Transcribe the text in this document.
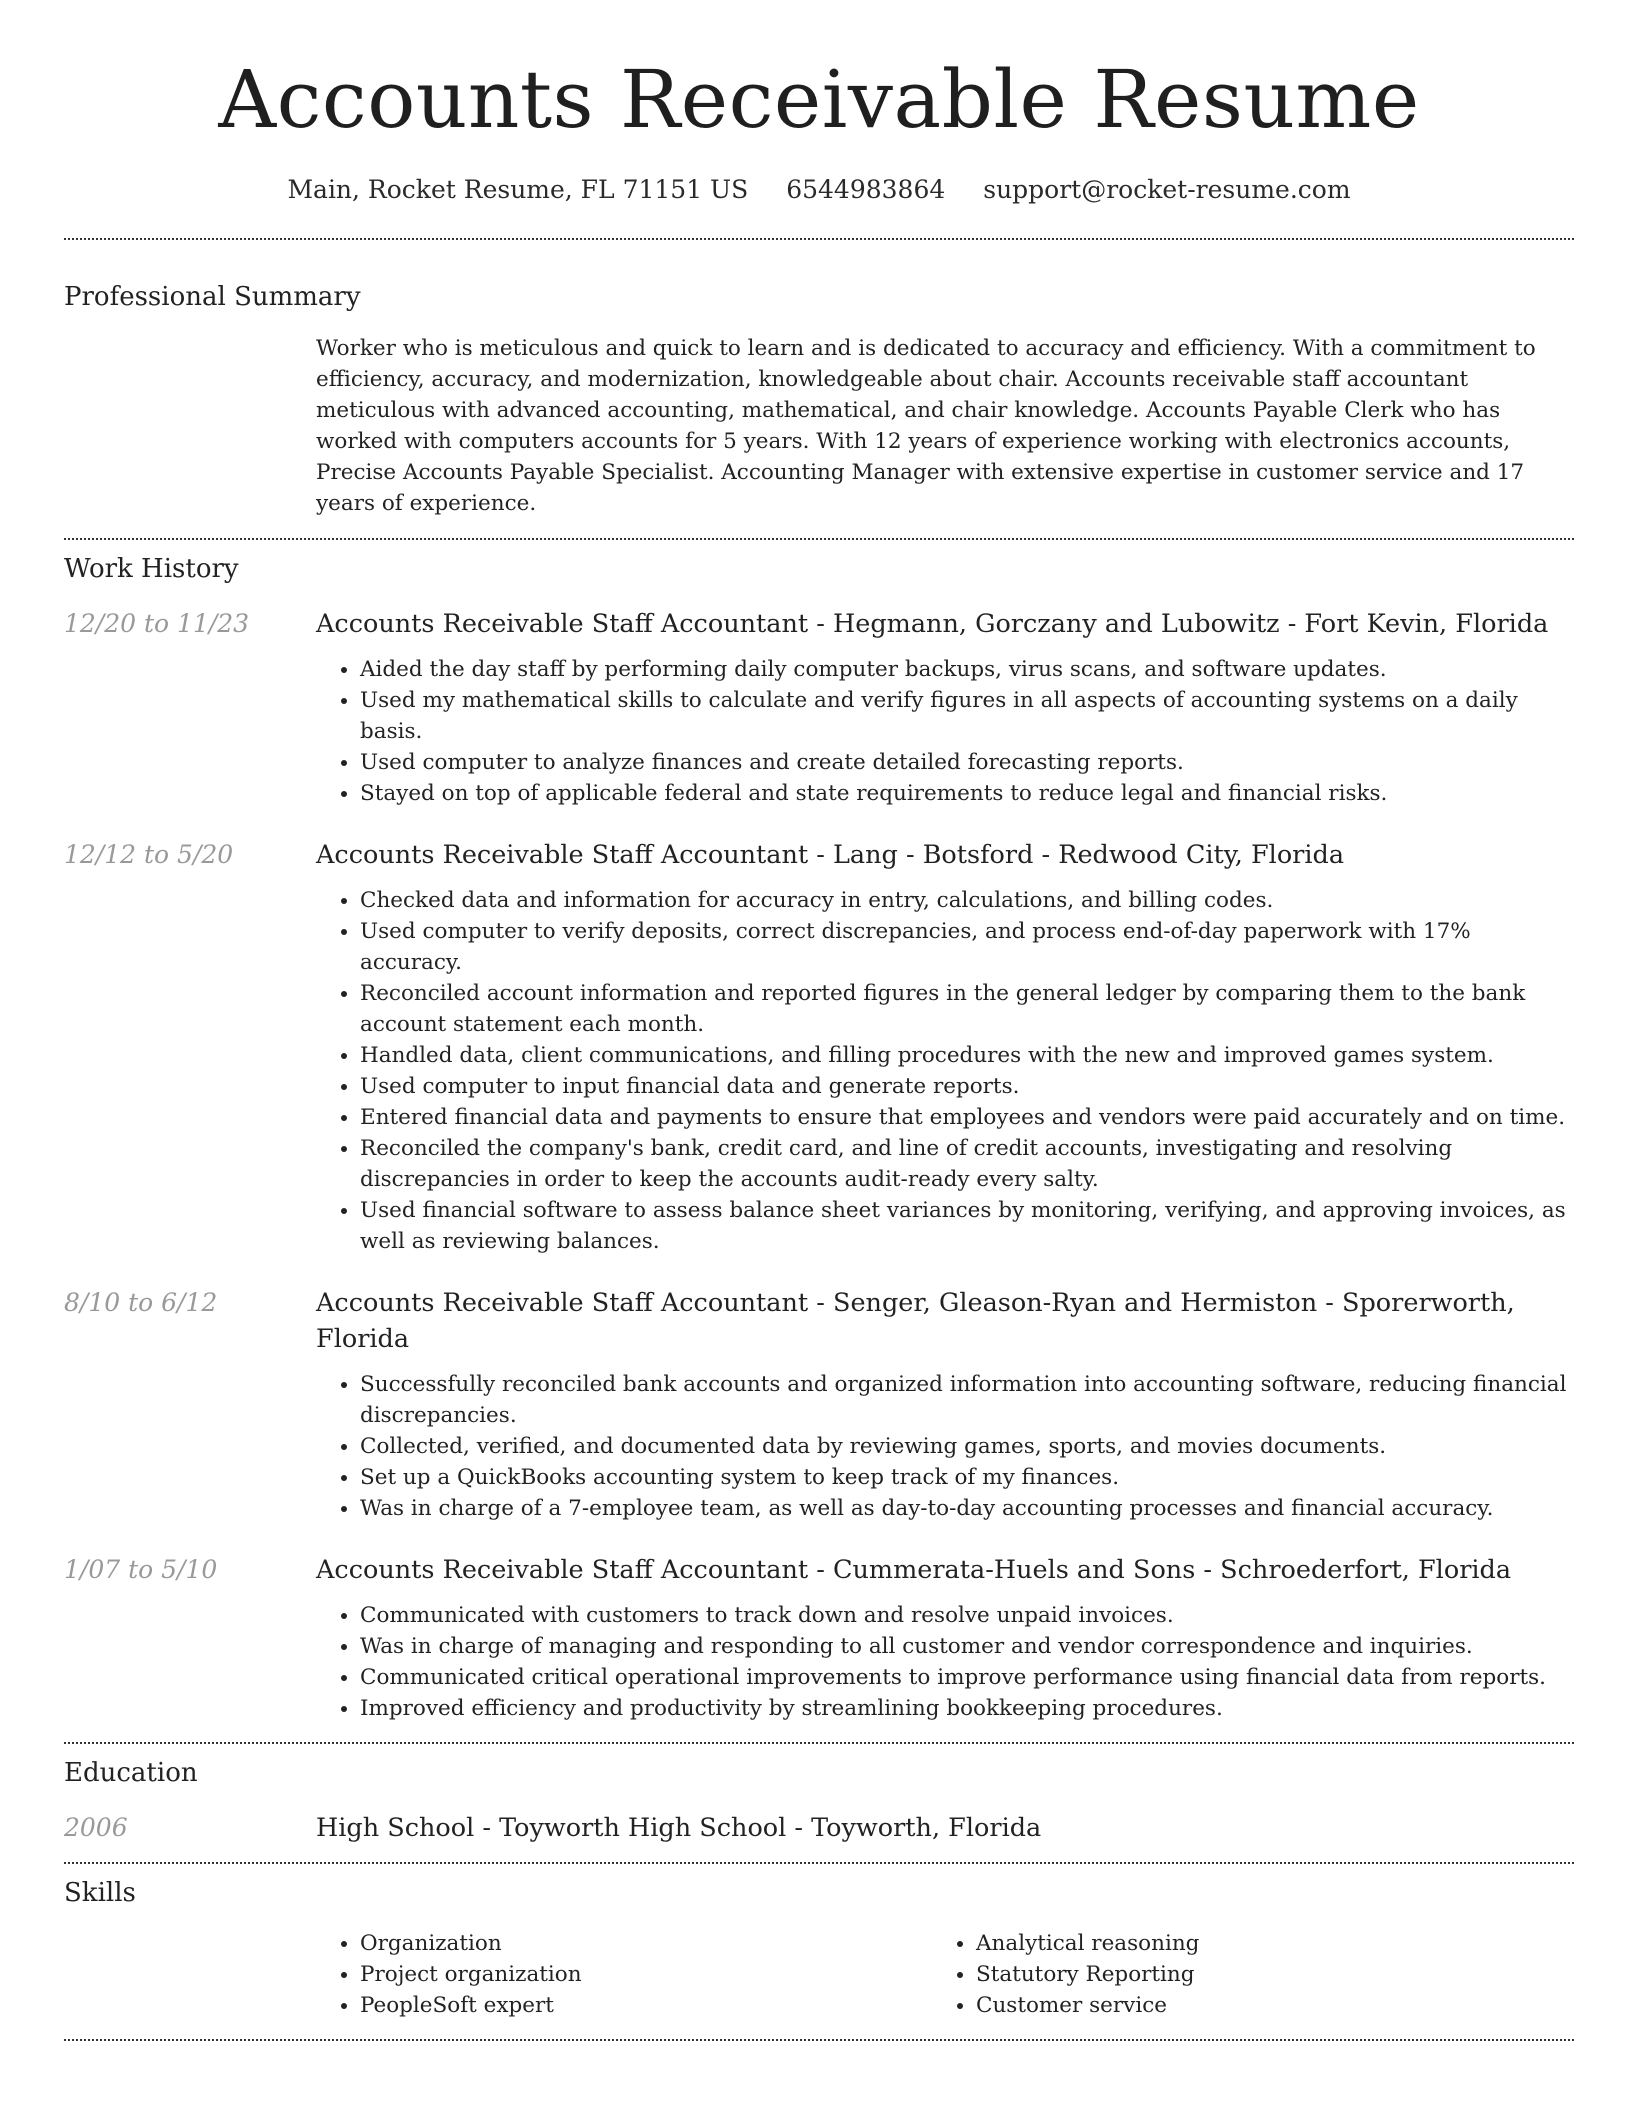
Accounts Receivable Resume
Main, Rocket Resume, FL 71151 US 6544983864 support@rocket-resume.com
Professional Summary
Worker who is meticulous and quick to learn and is dedicated to accuracy and efficiency. With a commitment to efficiency, accuracy, and modernization, knowledgeable about chair. Accounts receivable staff accountant meticulous with advanced accounting, mathematical, and chair knowledge. Accounts Payable Clerk who has worked with computers accounts for 5 years. With 12 years of experience working with electronics accounts, Precise Accounts Payable Specialist. Accounting Manager with extensive expertise in customer service and 17 years of experience.
Work History
12/20 to 11/23	Accounts Receivable Staff Accountant - Hegmann, Gorczany and Lubowitz - Fort Kevin, Florida
• Aided the day staff by performing daily computer backups, virus scans, and software updates.
• Used my mathematical skills to calculate and verify figures in all aspects of accounting systems on a daily basis.
• Used computer to analyze finances and create detailed forecasting reports.
• Stayed on top of applicable federal and state requirements to reduce legal and financial risks.
12/12 to 5/20	Accounts Receivable Staff Accountant - Lang - Botsford - Redwood City, Florida
• Checked data and information for accuracy in entry, calculations, and billing codes.
• Used computer to verify deposits, correct discrepancies, and process end-of-day paperwork with 17% accuracy.
• Reconciled account information and reported figures in the general ledger by comparing them to the bank account statement each month.
• Handled data, client communications, and filling procedures with the new and improved games system.
• Used computer to input financial data and generate reports.
• Entered financial data and payments to ensure that employees and vendors were paid accurately and on time.
• Reconciled the company's bank, credit card, and line of credit accounts, investigating and resolving discrepancies in order to keep the accounts audit-ready every salty.
• Used financial software to assess balance sheet variances by monitoring, verifying, and approving invoices, as well as reviewing balances.
8/10 to 6/12	Accounts Receivable Staff Accountant - Senger, Gleason-Ryan and Hermiston - Sporerworth, Florida
• Successfully reconciled bank accounts and organized information into accounting software, reducing financial discrepancies.
• Collected, verified, and documented data by reviewing games, sports, and movies documents.
• Set up a QuickBooks accounting system to keep track of my finances.
• Was in charge of a 7-employee team, as well as day-to-day accounting processes and financial accuracy.
1/07 to 5/10	Accounts Receivable Staff Accountant - Cummerata-Huels and Sons - Schroederfort, Florida
• Communicated with customers to track down and resolve unpaid invoices.
• Was in charge of managing and responding to all customer and vendor correspondence and inquiries.
• Communicated critical operational improvements to improve performance using financial data from reports.
• Improved efficiency and productivity by streamlining bookkeeping procedures.
Education
2006	High School - Toyworth High School - Toyworth, Florida
Skills
• Organization
• Project organization
• PeopleSoft expert
• Analytical reasoning
• Statutory Reporting
• Customer service
